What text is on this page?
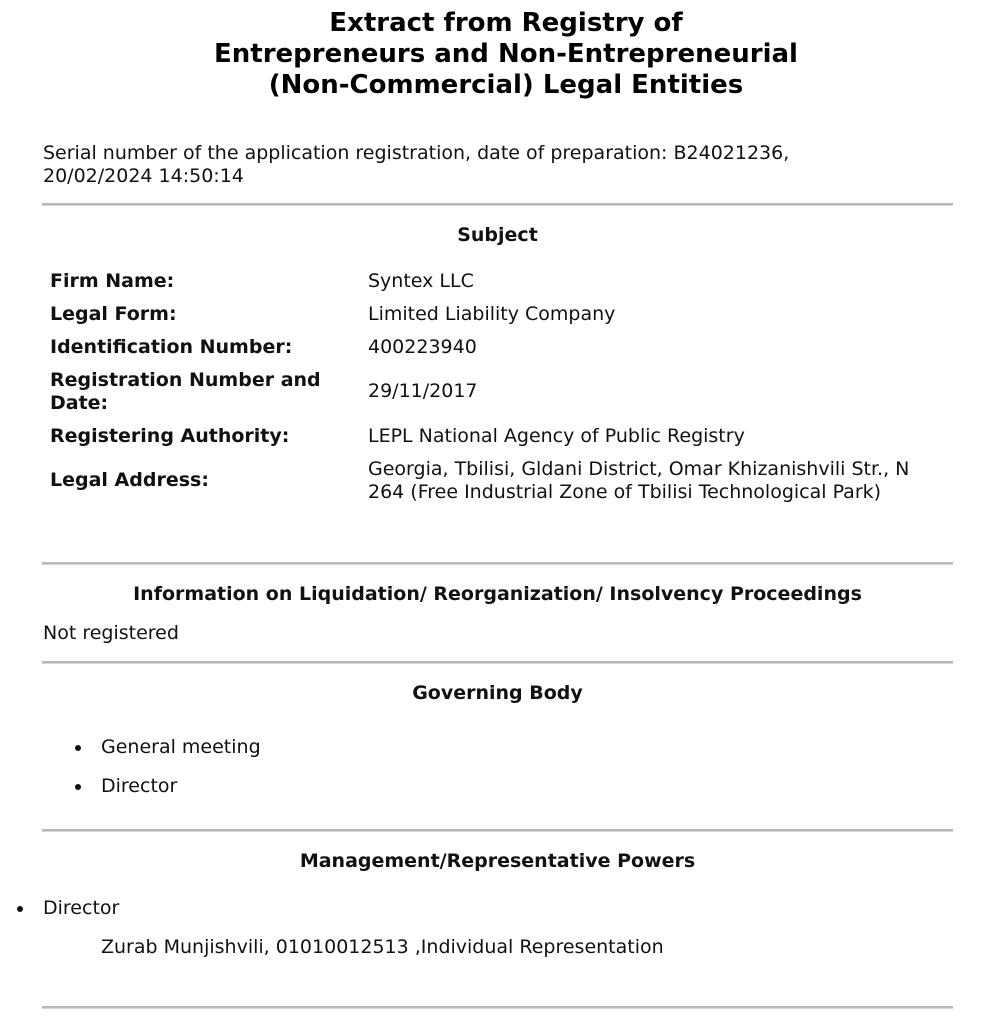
Extract from Registry of
Entrepreneurs and Non-Entrepreneurial
(Non-Commercial) Legal Entities
Serial number of the application registration, date of preparation: B24021236,
20/02/2024 14:50:14
Subject
Firm Name:	Syntex LLC
Legal Form:	Limited Liability Company
Identification Number:	400223940
Registration Number and
Date:
29/11/2017
Registering Authority:	LEPL National Agency of Public Registry
Legal Address:	Georgia, Tbilisi, Gldani District, Omar Khizanishvili Str., N
264 (Free Industrial Zone of Tbilisi Technological Park)
Information on Liquidation/ Reorganization/ Insolvency Proceedings
Not registered
Governing Body
General meeting
Director
Management/Representative Powers
Director
Zurab Munjishvili, 01010012513 ,Individual Representation
